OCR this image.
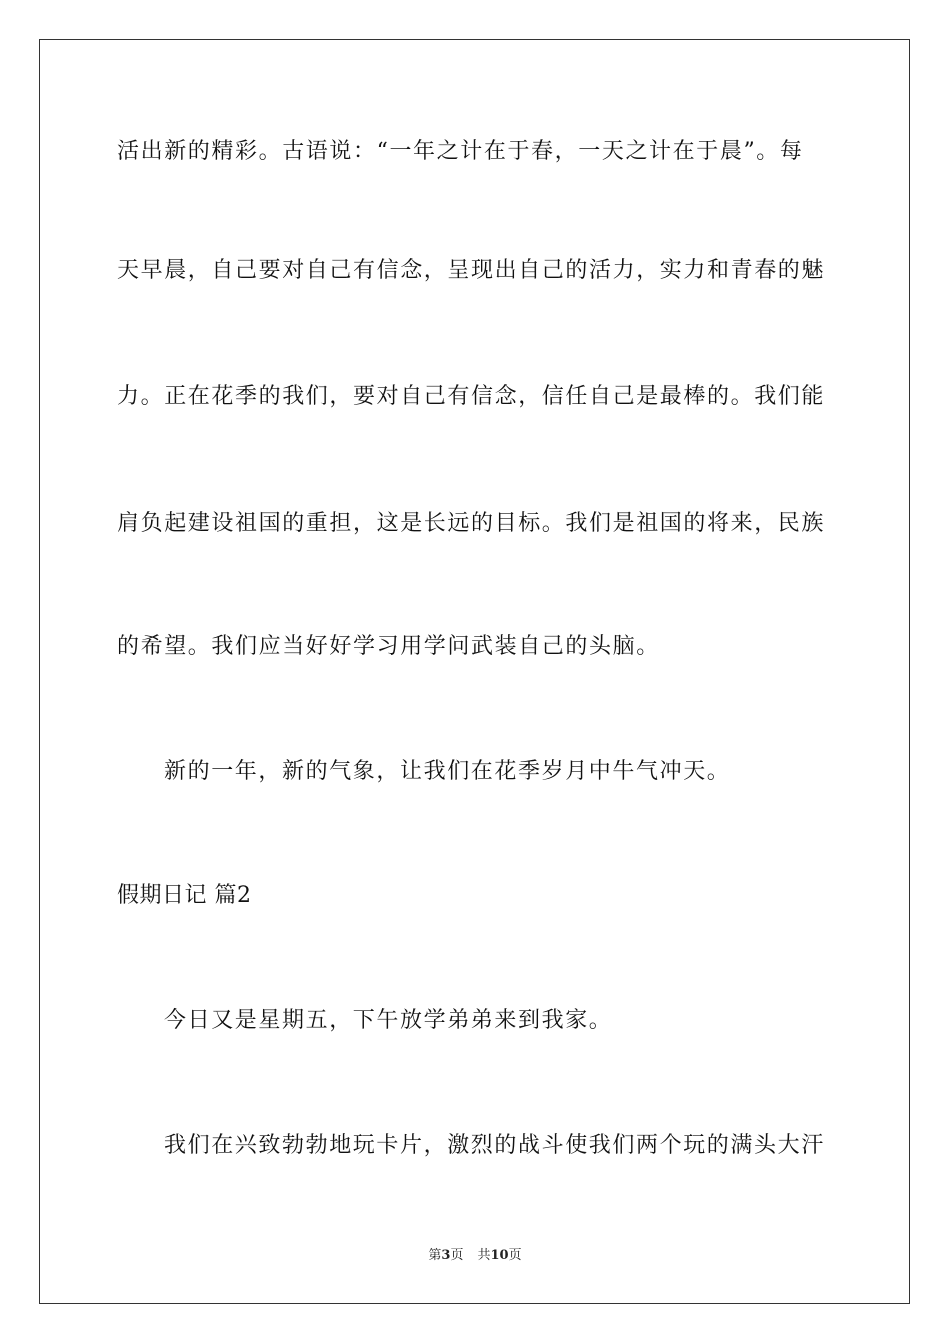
活出新的精彩。古语说：“一年之计在于春，一天之计在于晨”。每
天早晨，自己要对自己有信念，呈现出自己的活力，实力和青春的魅
力。正在花季的我们，要对自己有信念，信任自己是最棒的。我们能
肩负起建设祖国的重担，这是长远的目标。我们是祖国的将来，民族
的希望。我们应当好好学习用学问武装自己的头脑。
新的一年，新的气象，让我们在花季岁月中牛气冲天。
假期日记 篇2
今日又是星期五，下午放学弟弟来到我家。
我们在兴致勃勃地玩卡片，激烈的战斗使我们两个玩的满头大汗
第3页 共10页
